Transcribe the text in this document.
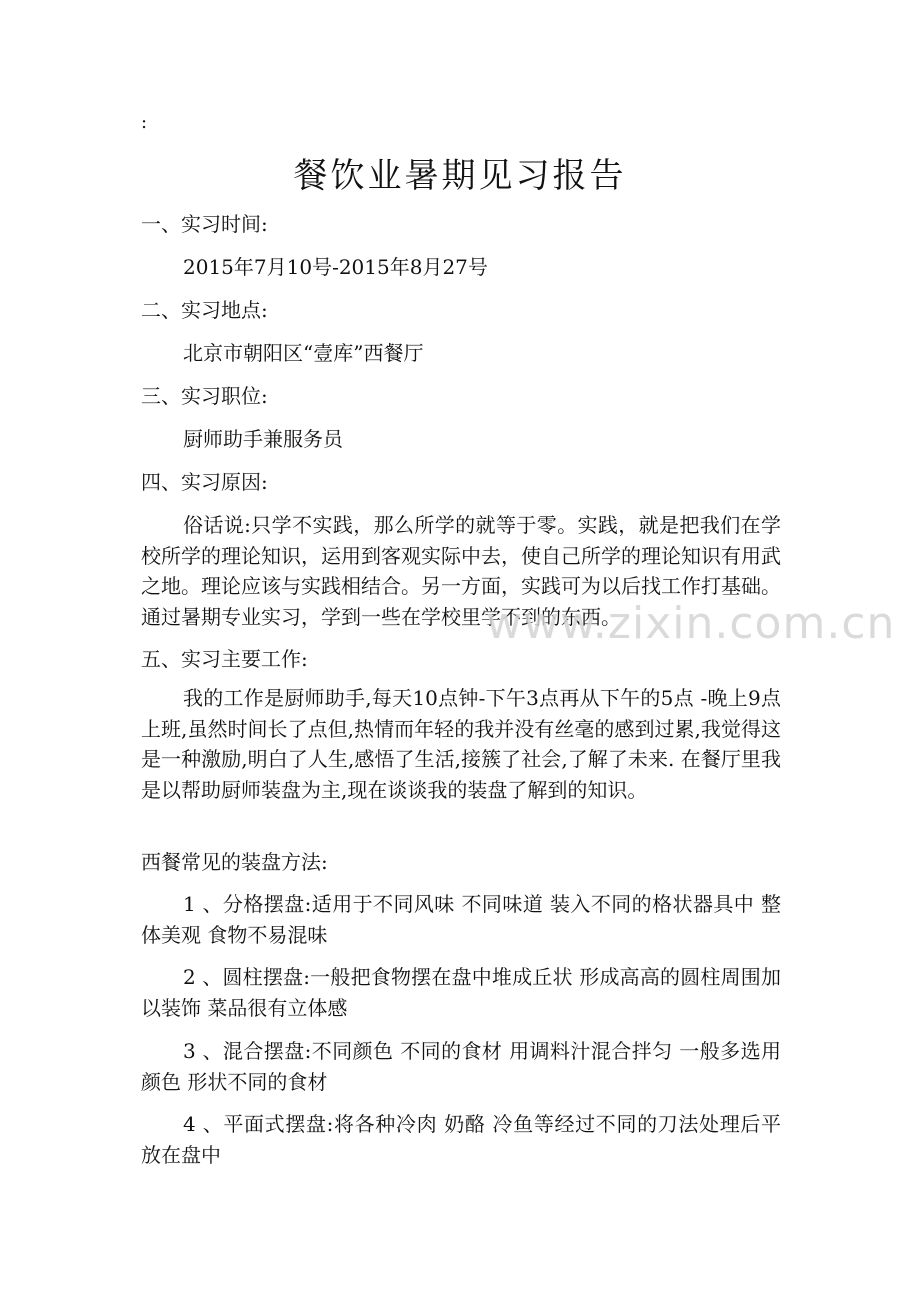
:
餐饮业暑期见习报告
一、实习时间:
2015年7月10号-2015年8月27号
二、实习地点:
北京市朝阳区“壹库”西餐厅
三、实习职位:
厨师助手兼服务员
四、实习原因:
俗话说:只学不实践，那么所学的就等于零。实践，就是把我们在学校所学的理论知识，运用到客观实际中去，使自己所学的理论知识有用武之地。理论应该与实践相结合。另一方面，实践可为以后找工作打基础。通过暑期专业实习，学到一些在学校里学不到的东西。
五、实习主要工作:
我的工作是厨师助手,每天10点钟-下午3点再从下午的5点 -晚上9点上班,虽然时间长了点但,热情而年轻的我并没有丝毫的感到过累,我觉得这是一种激励,明白了人生,感悟了生活,接簇了社会,了解了未来. 在餐厅里我是以帮助厨师装盘为主,现在谈谈我的装盘了解到的知识。
西餐常见的装盘方法:
1 、分格摆盘:适用于不同风味 不同味道 装入不同的格状器具中 整体美观 食物不易混味
2 、圆柱摆盘:一般把食物摆在盘中堆成丘状 形成高高的圆柱周围加以装饰 菜品很有立体感
3 、混合摆盘:不同颜色 不同的食材 用调料汁混合拌匀 一般多选用颜色 形状不同的食材
4 、平面式摆盘:将各种冷肉 奶酪 冷鱼等经过不同的刀法处理后平放在盘中
www.zixin.com.cn
